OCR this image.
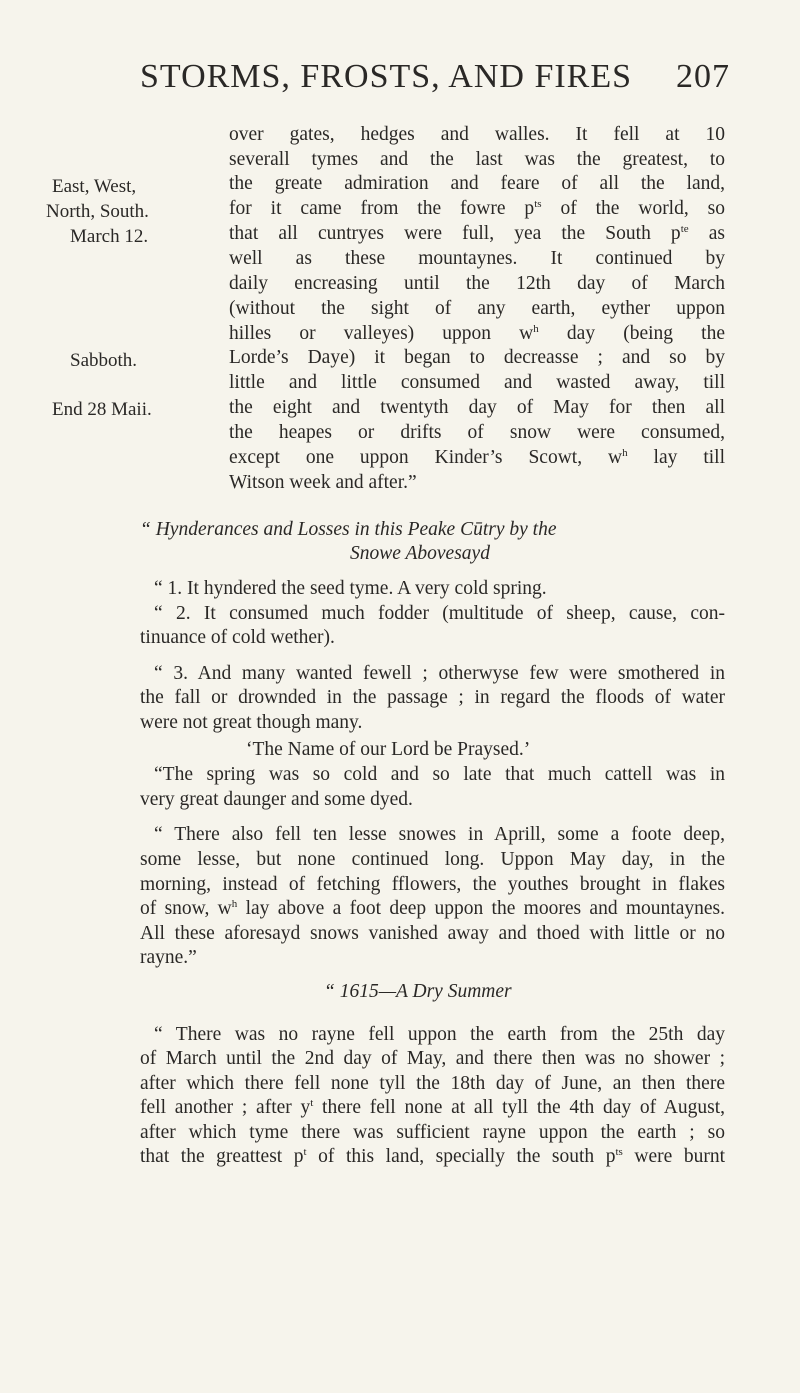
STORMS, FROSTS, AND FIRES 207
East, West,
North, South.
March 12.
Sabboth.
End 28 Maii.
over gates, hedges and walles. It fell at 10
severall tymes and the last was the greatest, to
the greate admiration and feare of all the land,
for it came from the fowre $p^{ts}$ of the world, so
that all cuntryes were full, yea the South $p^{te}$ as
well as these mountaynes. It continued by
daily encreasing until the 12th day of March
(without the sight of any earth, eyther uppon
hilles or valleyes) uppon $w^h$ day (being the
Lorde’s Daye) it began to decreasse ; and so by
little and little consumed and wasted away, till
the eight and twentyth day of May for then all
the heapes or drifts of snow were consumed,
except one uppon Kinder’s Scowt, $w^h$ lay till
Witson week and after.”
“ Hynderances and Losses in this Peake Cūtry by the
Snowe Abovesayd
“ 1. It hyndered the seed tyme. A very cold spring.
“ 2. It consumed much fodder (multitude of sheep, cause, con-
tinuance of cold wether).
“ 3. And many wanted fewell ; otherwyse few were smothered in
the fall or drownded in the passage ; in regard the floods of water
were not great though many.
‘The Name of our Lord be Praysed.’
“The spring was so cold and so late that much cattell was in
very great daunger and some dyed.
“ There also fell ten lesse snowes in Aprill, some a foote deep,
some lesse, but none continued long. Uppon May day, in the
morning, instead of fetching fflowers, the youthes brought in flakes
of snow, $w^h$ lay above a foot deep uppon the moores and mountaynes.
All these aforesayd snows vanished away and thoed with little or no
rayne.”
“ 1615—A Dry Summer
“ There was no rayne fell uppon the earth from the 25th day
of March until the 2nd day of May, and there then was no shower ;
after which there fell none tyll the 18th day of June, an then there
fell another ; after $y^t$ there fell none at all tyll the 4th day of August,
after which tyme there was sufficient rayne uppon the earth ; so
that the greattest $p^t$ of this land, specially the south $p^{ts}$ were burnt
